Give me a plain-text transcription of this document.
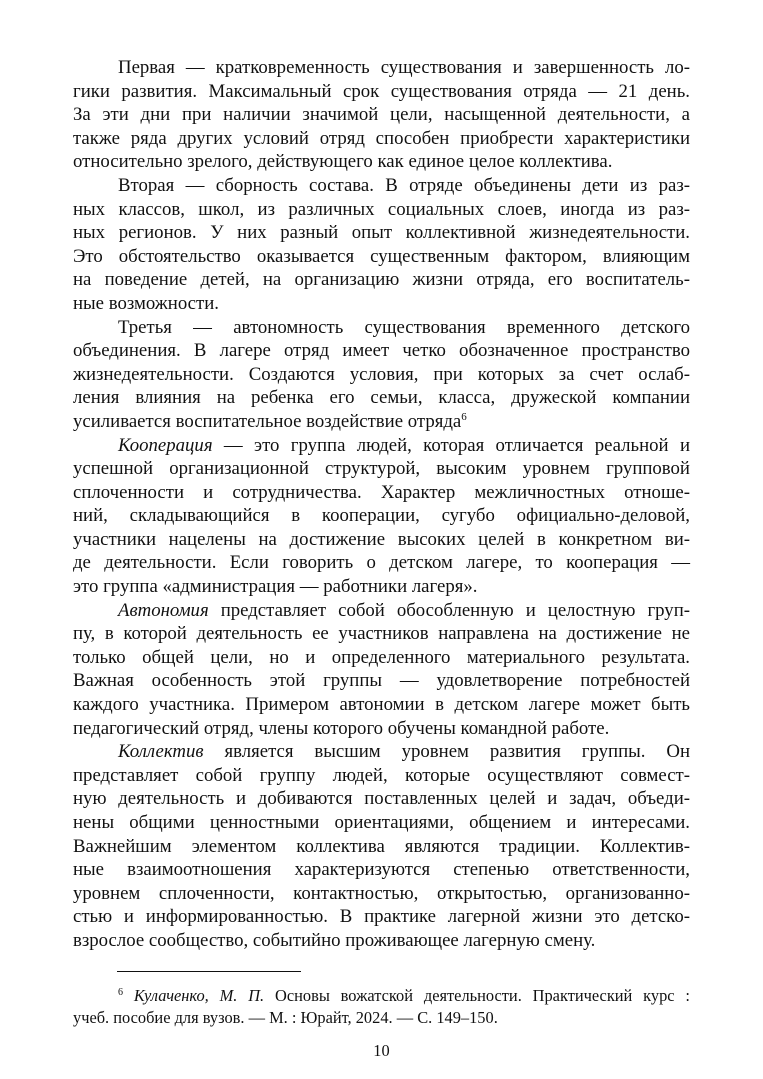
Первая — кратковременность существования и завершенность ло-
гики развития. Максимальный срок существования отряда — 21 день.
За эти дни при наличии значимой цели, насыщенной деятельности, а
также ряда других условий отряд способен приобрести характеристики
относительно зрелого, действующего как единое целое коллектива.
Вторая — сборность состава. В отряде объединены дети из раз-
ных классов, школ, из различных социальных слоев, иногда из раз-
ных регионов. У них разный опыт коллективной жизнедеятельности.
Это обстоятельство оказывается существенным фактором, влияющим
на поведение детей, на организацию жизни отряда, его воспитатель-
ные возможности.
Третья — автономность существования временного детского
объединения. В лагере отряд имеет четко обозначенное пространство
жизнедеятельности. Создаются условия, при которых за счет ослаб-
ления влияния на ребенка его семьи, класса, дружеской компании
усиливается воспитательное воздействие отряда$^6$
Кооперация — это группа людей, которая отличается реальной и
успешной организационной структурой, высоким уровнем групповой
сплоченности и сотрудничества. Характер межличностных отноше-
ний, складывающийся в кооперации, сугубо официально-деловой,
участники нацелены на достижение высоких целей в конкретном ви-
де деятельности. Если говорить о детском лагере, то кооперация —
это группа «администрация — работники лагеря».
Автономия представляет собой обособленную и целостную груп-
пу, в которой деятельность ее участников направлена на достижение не
только общей цели, но и определенного материального результата.
Важная особенность этой группы — удовлетворение потребностей
каждого участника. Примером автономии в детском лагере может быть
педагогический отряд, члены которого обучены командной работе.
Коллектив является высшим уровнем развития группы. Он
представляет собой группу людей, которые осуществляют совмест-
ную деятельность и добиваются поставленных целей и задач, объеди-
нены общими ценностными ориентациями, общением и интересами.
Важнейшим элементом коллектива являются традиции. Коллектив-
ные взаимоотношения характеризуются степенью ответственности,
уровнем сплоченности, контактностью, открытостью, организованно-
стью и информированностью. В практике лагерной жизни это детско-
взрослое сообщество, событийно проживающее лагерную смену.
$^6$ Кулаченко, М. П. Основы вожатской деятельности. Практический курс :
учеб. пособие для вузов. — М. : Юрайт, 2024. — С. 149–150.
10
